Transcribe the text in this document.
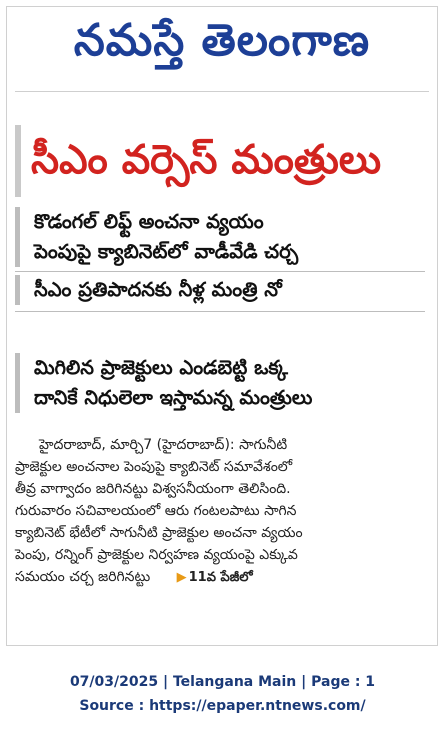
నమస్తే తెలంగాణ
సీఎం వర్సెస్ మంత్రులు
కొడంగల్ లిఫ్ట్ అంచనా వ్యయం
పెంపుపై క్యాబినెట్‌లో వాడీవేడి చర్చ
సీఎం ప్రతిపాదనకు నీళ్ల మంత్రి నో
మిగిలిన ప్రాజెక్టులు ఎండబెట్టి ఒక్క
దానికే నిధులెలా ఇస్తామన్న మంత్రులు
హైదరాబాద్, మార్చి7 (హైదరాబాద్): సాగునీటి
ప్రాజెక్టుల అంచనాల పెంపుపై క్యాబినెట్ సమావేశంలో
తీవ్ర వాగ్వాదం జరిగినట్టు విశ్వసనీయంగా తెలిసింది.
గురువారం సచివాలయంలో ఆరు గంటలపాటు సాగిన
క్యాబినెట్ భేటీలో సాగునీటి ప్రాజెక్టుల అంచనా వ్యయం
పెంపు, రన్నింగ్ ప్రాజెక్టుల నిర్వహణ వ్యయంపై ఎక్కువ
సమయం చర్చ జరిగినట్టు ▶ 11వ పేజీలో
07/03/2025 | Telangana Main | Page : 1
Source : https://epaper.ntnews.com/
